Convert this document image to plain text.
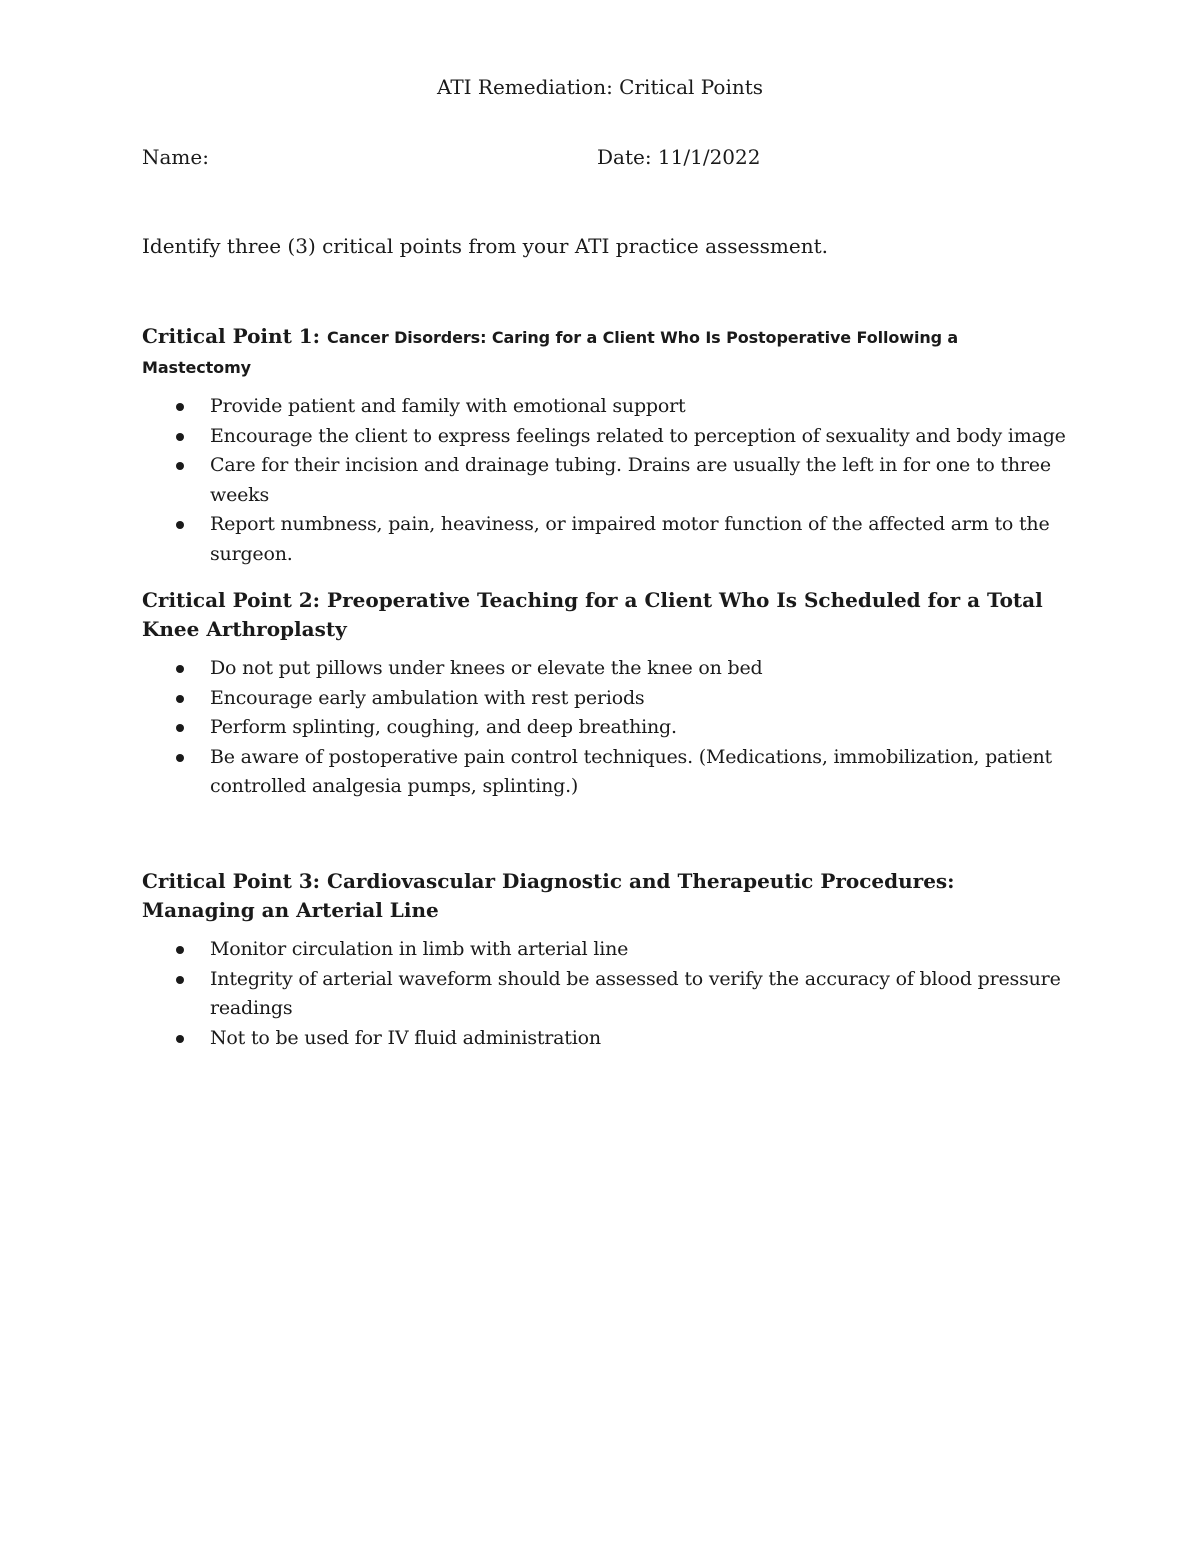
ATI Remediation: Critical Points
Name:	Date: 11/1/2022

Identify three (3) critical points from your ATI practice assessment.

Critical Point 1: Cancer Disorders: Caring for a Client Who Is Postoperative Following a Mastectomy

Provide patient and family with emotional support
Encourage the client to express feelings related to perception of sexuality and body image
Care for their incision and drainage tubing. Drains are usually the left in for one to three weeks
Report numbness, pain, heaviness, or impaired motor function of the affected arm to the surgeon.

Critical Point 2: Preoperative Teaching for a Client Who Is Scheduled for a Total Knee Arthroplasty

Do not put pillows under knees or elevate the knee on bed
Encourage early ambulation with rest periods
Perform splinting, coughing, and deep breathing.
Be aware of postoperative pain control techniques. (Medications, immobilization, patient controlled analgesia pumps, splinting.)

Critical Point 3: Cardiovascular Diagnostic and Therapeutic Procedures: Managing an Arterial Line

Monitor circulation in limb with arterial line
Integrity of arterial waveform should be assessed to verify the accuracy of blood pressure readings
Not to be used for IV fluid administration
